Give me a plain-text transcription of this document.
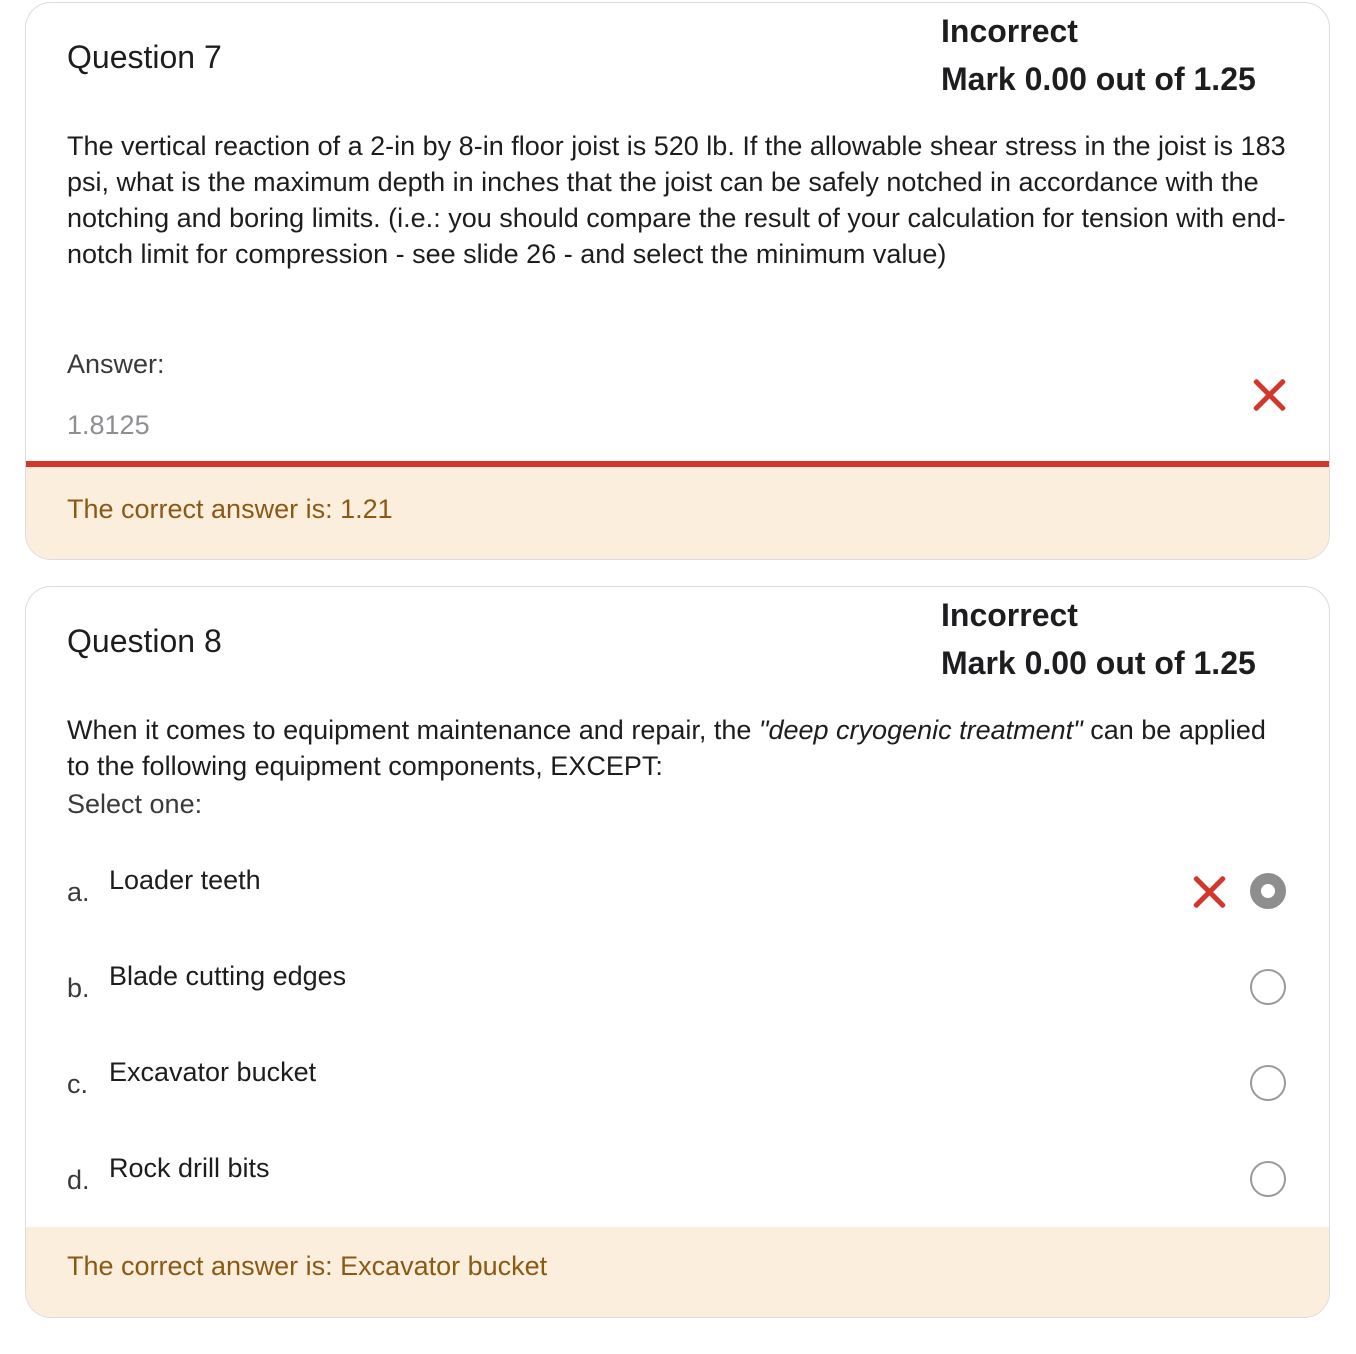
Question 7
Incorrect
Mark 0.00 out of 1.25
The vertical reaction of a 2-in by 8-in floor joist is 520 lb. If the allowable shear stress in the joist is 183 psi, what is the maximum depth in inches that the joist can be safely notched in accordance with the notching and boring limits. (i.e.: you should compare the result of your calculation for tension with end-notch limit for compression - see slide 26 - and select the minimum value)
Answer:
1.8125
The correct answer is: 1.21
Question 8
Incorrect
Mark 0.00 out of 1.25
When it comes to equipment maintenance and repair, the "deep cryogenic treatment" can be applied to the following equipment components, EXCEPT:
Select one:
a. Loader teeth
b. Blade cutting edges
c. Excavator bucket
d. Rock drill bits
The correct answer is: Excavator bucket
